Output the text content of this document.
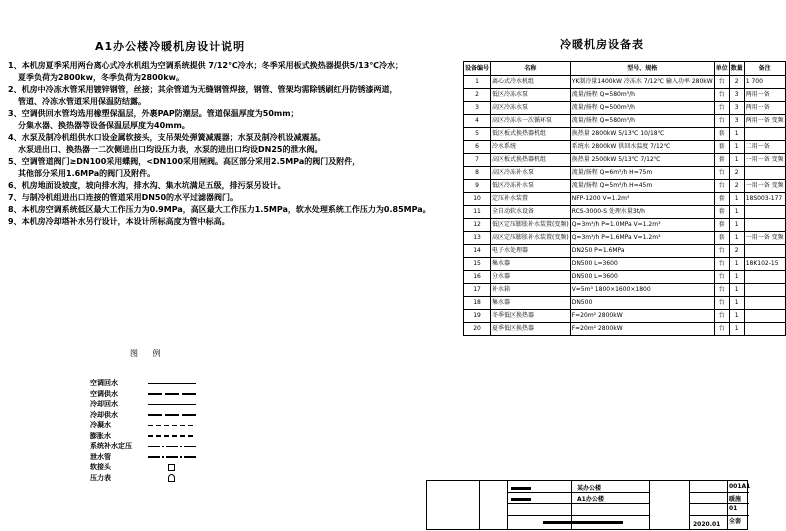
A1办公楼冷暖机房设计说明
1、本机房夏季采用两台离心式冷水机组为空调系统提供 7/12℃冷水；冬季采用板式换热器提供5/13℃冷水；
夏季负荷为2800kw，冬季负荷为2800kw。
2、机房中冷冻水管采用镀锌钢管，丝接；其余管道为无缝钢管焊接，钢管、管架均需除锈刷红丹防锈漆两道，
管道、冷冻水管道采用保温防结露。
3、空调供回水管均选用橡塑保温层，外裹PAP防潮层。管道保温厚度为50mm；
分集水器、换热器等设备保温层厚度为40mm。
4、水泵及制冷机组供水口设金属软接头，支吊架处弹簧减震器；水泵及制冷机设减震基。
水泵进出口、换热器一二次侧进出口均设压力表，水泵的进出口均设DN25的泄水阀。
5、空调管道阀门≥DN100采用蝶阀，<DN100采用闸阀。高区部分采用2.5MPa的阀门及附件，
其他部分采用1.6MPa的阀门及附件。
6、机房地面设坡度，坡向排水沟，排水沟、集水坑满足五级，排污泵另设计。
7、与制冷机组进出口连接的管道采用DN50的水平过滤器阀门。
8、本机房空调系统低区最大工作压力为0.9MPa，高区最大工作压力1.5MPa，软水处理系统工作压力为0.85MPa。
9、本机房冷却塔补水另行设计，本设计所标高度为管中标高。
图 例
空调回水
空调供水
冷却回水
冷却供水
冷凝水
膨胀水
系统补水定压
泄水管
软接头
压力表
冷暖机房设备表
设备编号	名称	型号、规格	单位	数量	备注
1	离心式冷水机组	YK制冷量1400kW 冷冻水 7/12℃ 输入功率 280kW	台	2	1 700
2	低区冷冻水泵	流量/扬程 Q=580m³/h	台	3	两用一备
3	高区冷冻水泵	流量/扬程 Q=500m³/h	台	3	两用一备
4	高区冷冻水一次循环泵	流量/扬程 Q=580m³/h	台	3	两用一备 变频
5	低区板式换热器机组	换热量 2800kW 5/13℃ 10/18℃	套	1	
6	冷水系统	系统水 2800kW 供回水温度 7/12℃	套	1	二用一备
7	高区板式换热器机组	换热量 2500kW 5/13℃ 7/12℃	套	1	一用一备 变频
8	高区冷冻补水泵	流量/扬程 Q=6m³/h H=75m	台	2	
9	低区冷冻补水泵	流量/扬程 Q=5m³/h H=45m	台	2	一用一备 变频
10	定压补水装置	NFP-1200 V=1.2m³	套	1	18S003-177
11	全自动软水设备	RCS-3000-S 处理水量3t/h	套	1	
12	低区定压膨胀补水装置(变频)	Q=3m³/h P=1.0MPa V=1.2m³	套	1	
13	高区定压膨胀补水装置(变频)	Q=3m³/h P=1.6MPa V=1.2m³	套	1	一用一备 变频
14	电子水处理器	DN250 P=1.6MPa	台	2	
15	集水器	DN500 L=3600	台	1	18K102-15
16	分水器	DN500 L=3600	台	1	
17	补水箱	V=5m³ 1800×1600×1800	台	1	
18	集水器	DN500	台	1	
19	冬季低区换热器	F=20m² 2800kW	台	1	
20	夏季低区换热器	F=20m² 2800kW	台	1	
某办公楼
A1办公楼
001A1
暖施
01
全套
2020.01
